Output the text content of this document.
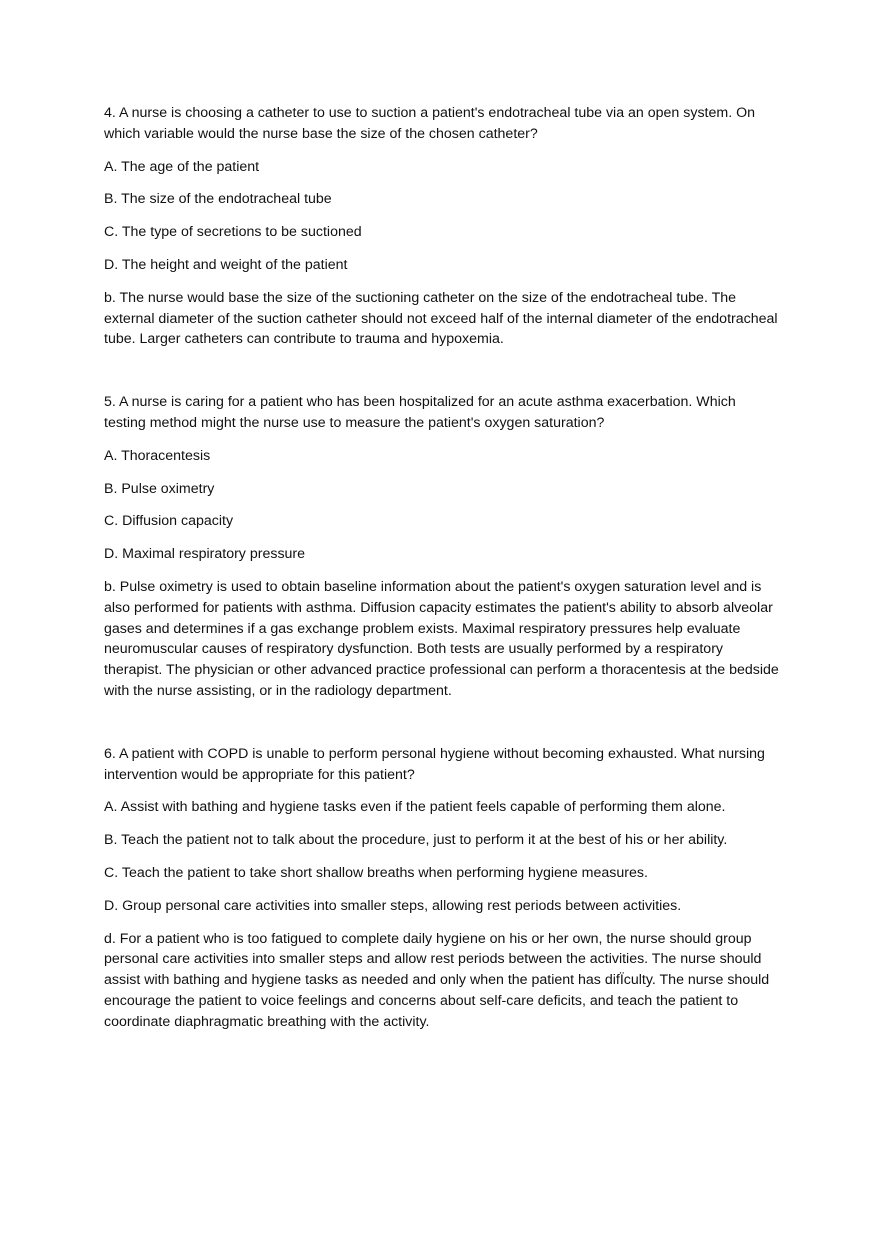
4. A nurse is choosing a catheter to use to suction a patient's endotracheal tube via an open system. On which variable would the nurse base the size of the chosen catheter?

A. The age of the patient

B. The size of the endotracheal tube

C. The type of secretions to be suctioned

D. The height and weight of the patient

b. The nurse would base the size of the suctioning catheter on the size of the endotracheal tube. The external diameter of the suction catheter should not exceed half of the internal diameter of the endotracheal tube. Larger catheters can contribute to trauma and hypoxemia.

5. A nurse is caring for a patient who has been hospitalized for an acute asthma exacerbation. Which testing method might the nurse use to measure the patient's oxygen saturation?

A. Thoracentesis

B. Pulse oximetry

C. Diffusion capacity

D. Maximal respiratory pressure

b. Pulse oximetry is used to obtain baseline information about the patient's oxygen saturation level and is also performed for patients with asthma. Diffusion capacity estimates the patient's ability to absorb alveolar gases and determines if a gas exchange problem exists. Maximal respiratory pressures help evaluate neuromuscular causes of respiratory dysfunction. Both tests are usually performed by a respiratory therapist. The physician or other advanced practice professional can perform a thoracentesis at the bedside with the nurse assisting, or in the radiology department.

6. A patient with COPD is unable to perform personal hygiene without becoming exhausted. What nursing intervention would be appropriate for this patient?

A. Assist with bathing and hygiene tasks even if the patient feels capable of performing them alone.

B. Teach the patient not to talk about the procedure, just to perform it at the best of his or her ability.

C. Teach the patient to take short shallow breaths when performing hygiene measures.

D. Group personal care activities into smaller steps, allowing rest periods between activities.

d. For a patient who is too fatigued to complete daily hygiene on his or her own, the nurse should group personal care activities into smaller steps and allow rest periods between the activities. The nurse should assist with bathing and hygiene tasks as needed and only when the patient has difÏculty. The nurse should encourage the patient to voice feelings and concerns about self-care deficits, and teach the patient to coordinate diaphragmatic breathing with the activity.
